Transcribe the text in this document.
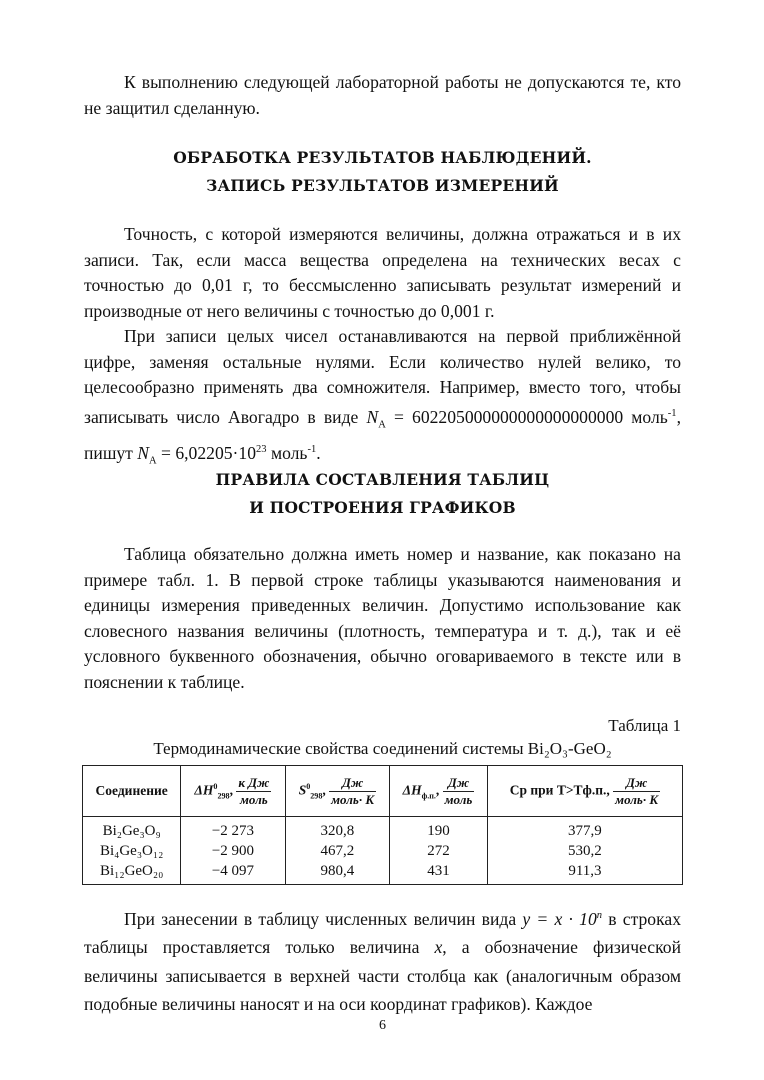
К выполнению следующей лабораторной работы не допускаются те, кто не защитил сделанную.

ОБРАБОТКА РЕЗУЛЬТАТОВ НАБЛЮДЕНИЙ.
ЗАПИСЬ РЕЗУЛЬТАТОВ ИЗМЕРЕНИЙ

Точность, с которой измеряются величины, должна отражаться и в их записи. Так, если масса вещества определена на технических весах с точностью до 0,01 г, то бессмысленно записывать результат измерений и производные от него величины с точностью до 0,001 г.

При записи целых чисел останавливаются на первой приближённой цифре, заменяя остальные нулями. Если количество нулей велико, то целесообразно применять два сомножителя. Например, вместо того, чтобы записывать число Авогадро в виде $N_A = 602205000000000000000000$ моль$^{-1}$, пишут $N_A = 6,02205\cdot 10^{23}$ моль$^{-1}$.

ПРАВИЛА СОСТАВЛЕНИЯ ТАБЛИЦ
И ПОСТРОЕНИЯ ГРАФИКОВ

Таблица обязательно должна иметь номер и название, как показано на примере табл. 1. В первой строке таблицы указываются наименования и единицы измерения приведенных величин. Допустимо использование как словесного названия величины (плотность, температура и т. д.), так и её условного буквенного обозначения, обычно оговариваемого в тексте или в пояснении к таблице.

Таблица 1
Термодинамические свойства соединений системы Bi₂O₃-GeO₂
Соединение	$\Delta H^0_{298}$, $\frac{\text{к Дж}}{\text{моль}}$	$S^0_{298}$, $\frac{Дж}{\text{моль· K}}$	$\Delta H_{ф.п.}$, $\frac{Дж}{\text{моль}}$	Cр при T>Tф.п., $\frac{Дж}{\text{моль· K}}$

Bi₂Ge₃O₉	−2 273	320,8	190	377,9
Bi₄Ge₃O₁₂	−2 900	467,2	272	530,2
Bi₁₂GeO₂₀	−4 097	980,4	431	911,3

При занесении в таблицу численных величин вида $y = x \cdot 10^n$ в строках таблицы проставляется только величина x, а обозначение физической величины записывается в верхней части столбца как (аналогичным образом подобные величины наносят и на оси координат графиков). Каждое

6
